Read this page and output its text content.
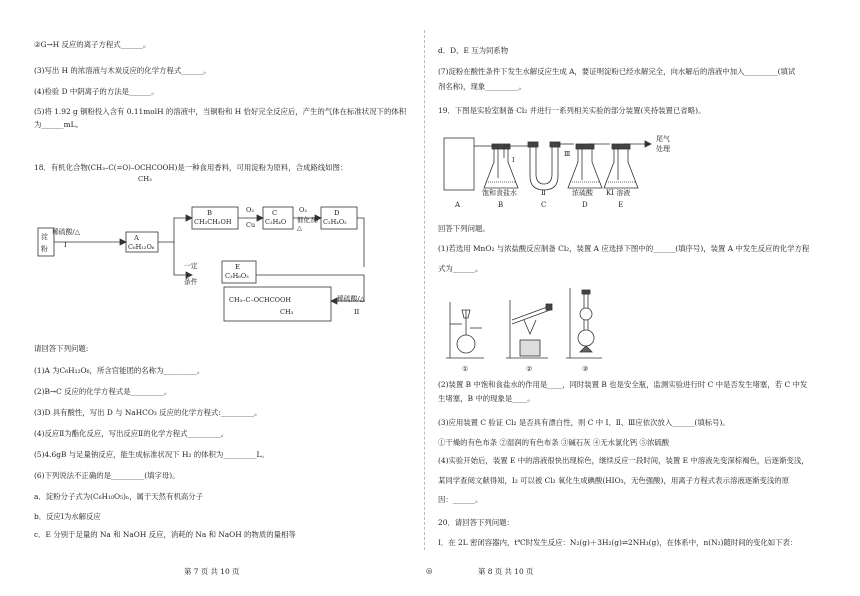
②G→H 反应的离子方程式______。
(3)写出 H 的浓溶液与木炭反应的化学方程式______。
(4)检验 D 中阴离子的方法是______。
(5)将 1.92 g 铜粉投入含有 0.11molH 的溶液中，当铜粉和 H 恰好完全反应后，产生的气体在标准状况下的体积
为______mL。
18．有机化合物(CH₃–C(=O)–OCHCOOH)是一种食用香料，可用淀粉为原料，合成路线如图：
CH₃
淀
粉
稀硫酸/△
I
A
C₆H₁₂O₆
B
CH₃CH₂OH
O₂
Cu
C
C₂H₄O
O₂
催化剂/△
D
C₂H₄O₂
一定
条件
E
C₃H₆O₃
CH₃–C–OCHCOOH
CH₃
稀硫酸/△
II
请回答下列问题:
(1)A 为C₆H₁₂O₆，所含官能团的名称为_________。
(2)B→C 反应的化学方程式是_________。
(3)D 具有酸性，写出 D 与 NaHCO₃ 反应的化学方程式:_________。
(4)反应Ⅱ为酯化反应，写出反应Ⅱ的化学方程式_________。
(5)4.6gB 与足量钠反应，能生成标准状况下 H₂ 的体积为_________L。
(6)下列说法不正确的是_________(填字母)。
a．淀粉分子式为(C₆H₁₀O₅)ₙ，属于天然有机高分子
b．反应Ⅰ为水解反应
c．E 分别于足量的 Na 和 NaOH 反应，消耗的 Na 和 NaOH 的物质的量相等
d．D、E 互为同系物
(7)淀粉在酸性条件下发生水解反应生成 A，要证明淀粉已经水解完全，向水解后的溶液中加入_________(填试
剂名称)，现象_________。
19．下图是实验室制备 Cl₂ 并进行一系列相关实验的部分装置(夹持装置已省略)。
尾气
处理
Ⅰ
Ⅲ
饱和食盐水	Ⅱ	浓硫酸 KI 溶液
A	B	C	D	E
回答下列问题。
(1)若选用 MnO₂ 与浓盐酸反应制备 Cl₂，装置 A 应选择下图中的______(填序号)，装置 A 中发生反应的化学方程
式为______。
①	②	③
(2)装置 B 中饱和食盐水的作用是____，同时装置 B 也是安全瓶，监测实验进行时 C 中是否发生堵塞，若 C 中发
生堵塞，B 中的现象是____。
(3)应用装置 C 验证 Cl₂ 是否具有漂白性，则 C 中 Ⅰ、Ⅱ、Ⅲ应依次放入______(填标号)。
①干燥的有色布条 ②湿润的有色布条 ③碱石灰 ④无水氯化钙 ⑤浓硫酸
(4)实验开始后，装置 E 中的溶液很快出现棕色，继续反应一段时间，装置 E 中溶液先变深棕褐色，后逐渐变浅，
某同学查阅文献得知，I₂ 可以被 Cl₂ 氧化生成碘酸(HIO₃，无色强酸)，用离子方程式表示溶液逐渐变浅的原
因：______。
20．请回答下列问题：
Ⅰ．在 2L 密闭容器内，t℃时发生反应：N₂(g)＋3H₂(g)⇌2NH₃(g)，在体系中，n(N₂)随时间的变化如下表：
第 7 页 共 10 页	◎	第 8 页 共 10 页
